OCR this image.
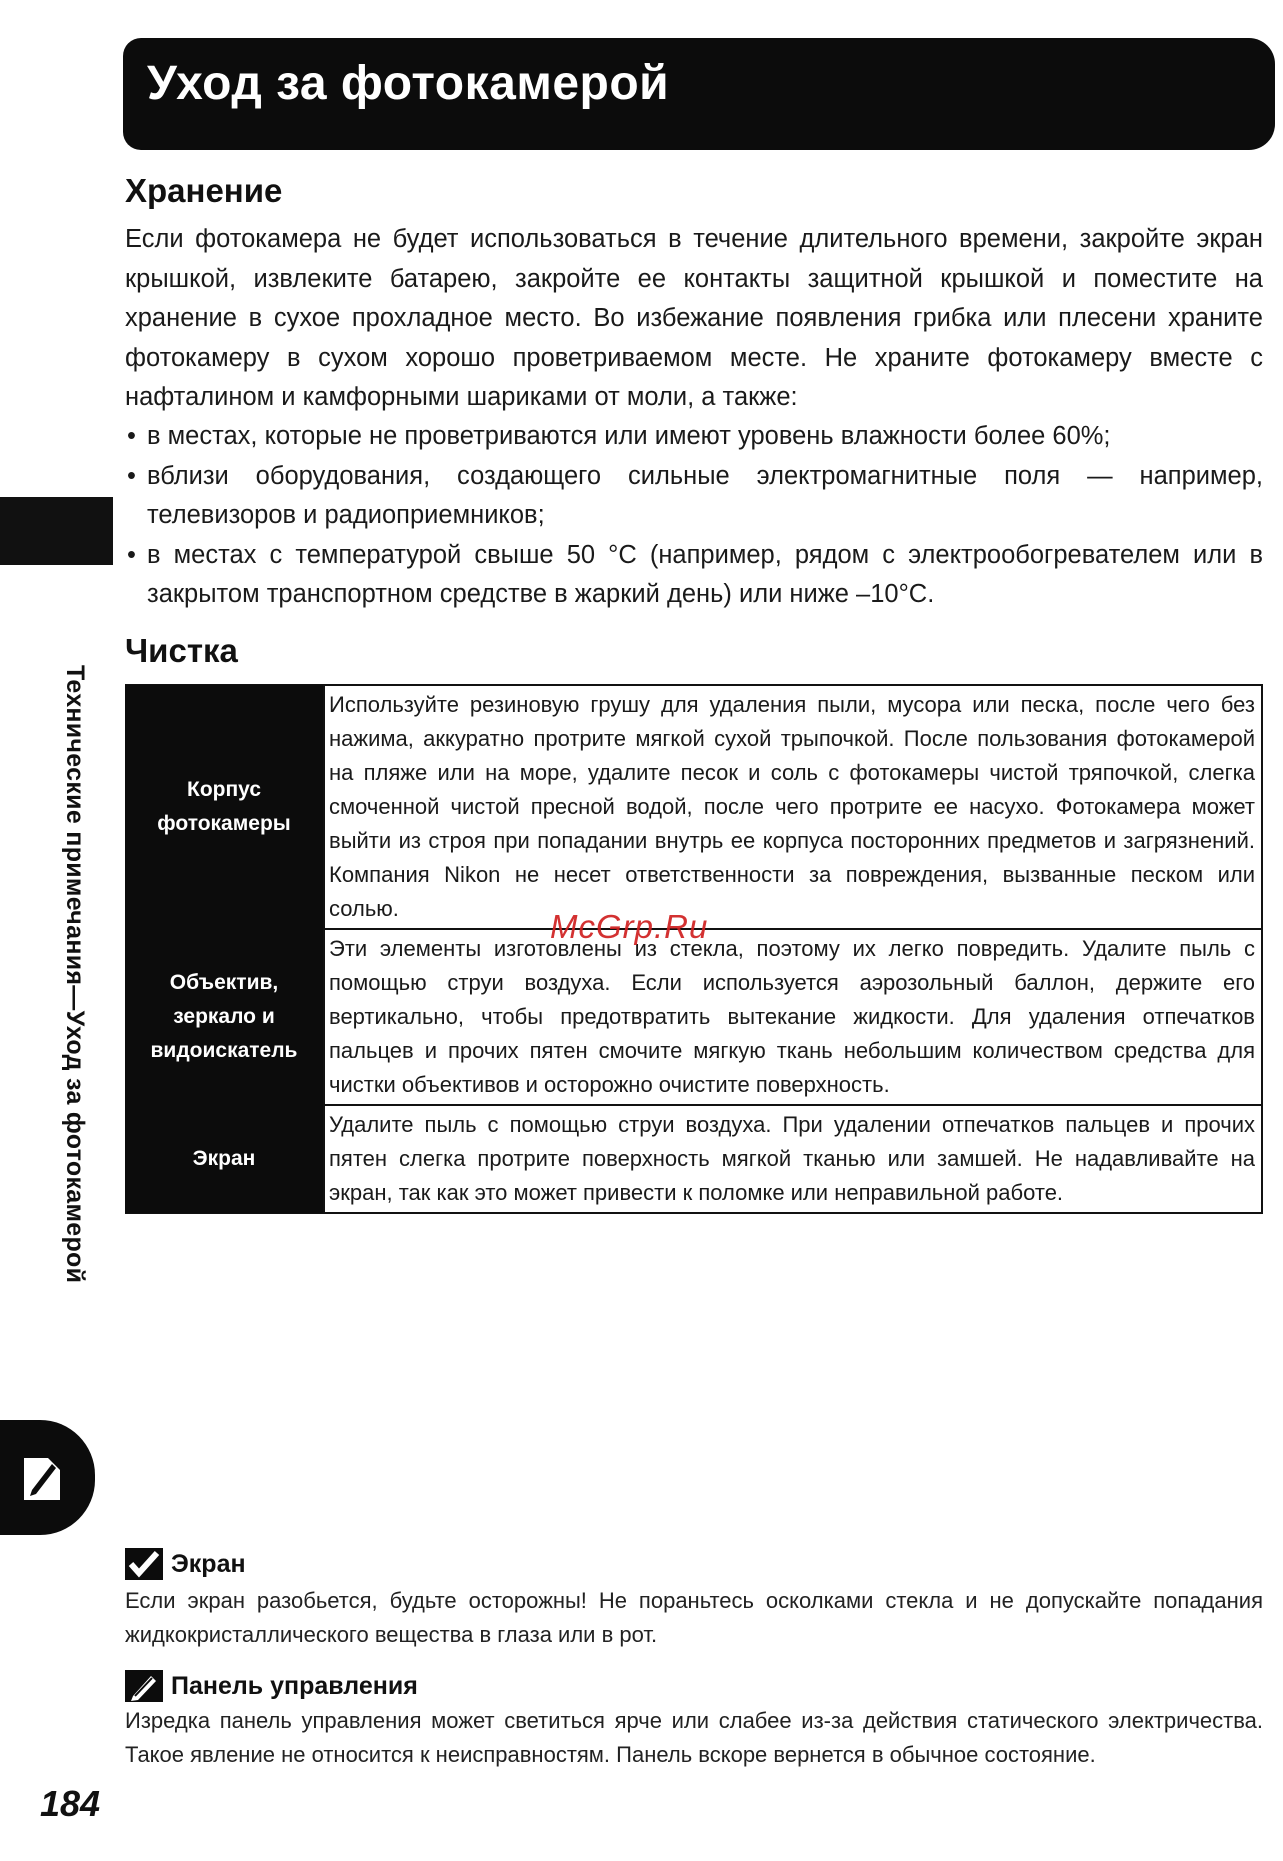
Уход за фотокамерой
Хранение

Если фотокамера не будет использоваться в течение длительного времени, закройте экран крышкой, извлеките батарею, закройте ее контакты защитной крышкой и поместите на хранение в сухое прохладное место. Во избежание появления грибка или плесени храните фотокамеру в сухом хорошо проветриваемом месте. Не храните фотокамеру вместе с нафталином и камфорными шариками от моли, а также:

• в местах, которые не проветриваются или имеют уровень влажности более 60%;
• вблизи оборудования, создающего сильные электромагнитные поля — например, телевизоров и радиоприемников;
• в местах с температурой свыше 50 °C (например, рядом с электрообогревателем или в закрытом транспортном средстве в жаркий день) или ниже –10°C.
Чистка
Корпус фотокамеры	Используйте резиновую грушу для удаления пыли, мусора или песка, после чего без нажима, аккуратно протрите мягкой сухой трыпочкой. После пользования фотокамерой на пляже или на море, удалите песок и соль с фотокамеры чистой тряпочкой, слегка смоченной чистой пресной водой, после чего протрите ее насухо. Фотокамера может выйти из строя при попадании внутрь ее корпуса посторонних предметов и загрязнений. Компания Nikon не несет ответственности за повреждения, вызванные песком или солью.
Объектив, зеркало и видоискатель	Эти элементы изготовлены из стекла, поэтому их легко повредить. Удалите пыль с помощью струи воздуха. Если используется аэрозольный баллон, держите его вертикально, чтобы предотвратить вытекание жидкости. Для удаления отпечатков пальцев и прочих пятен смочите мягкую ткань небольшим количеством средства для чистки объективов и осторожно очистите поверхность.
Экран	Удалите пыль с помощью струи воздуха. При удалении отпечатков пальцев и прочих пятен слегка протрите поверхность мягкой тканью или замшей. Не надавливайте на экран, так как это может привести к поломке или неправильной работе.
McGrp.Ru
Технические примечания—Уход за фотокамерой
Экран

Если экран разобьется, будьте осторожны! Не пораньтесь осколками стекла и не допускайте попадания жидкокристаллического вещества в глаза или в рот.

Панель управления

Изредка панель управления может светиться ярче или слабее из-за действия статического электричества. Такое явление не относится к неисправностям. Панель вскоре вернется в обычное состояние.

184
